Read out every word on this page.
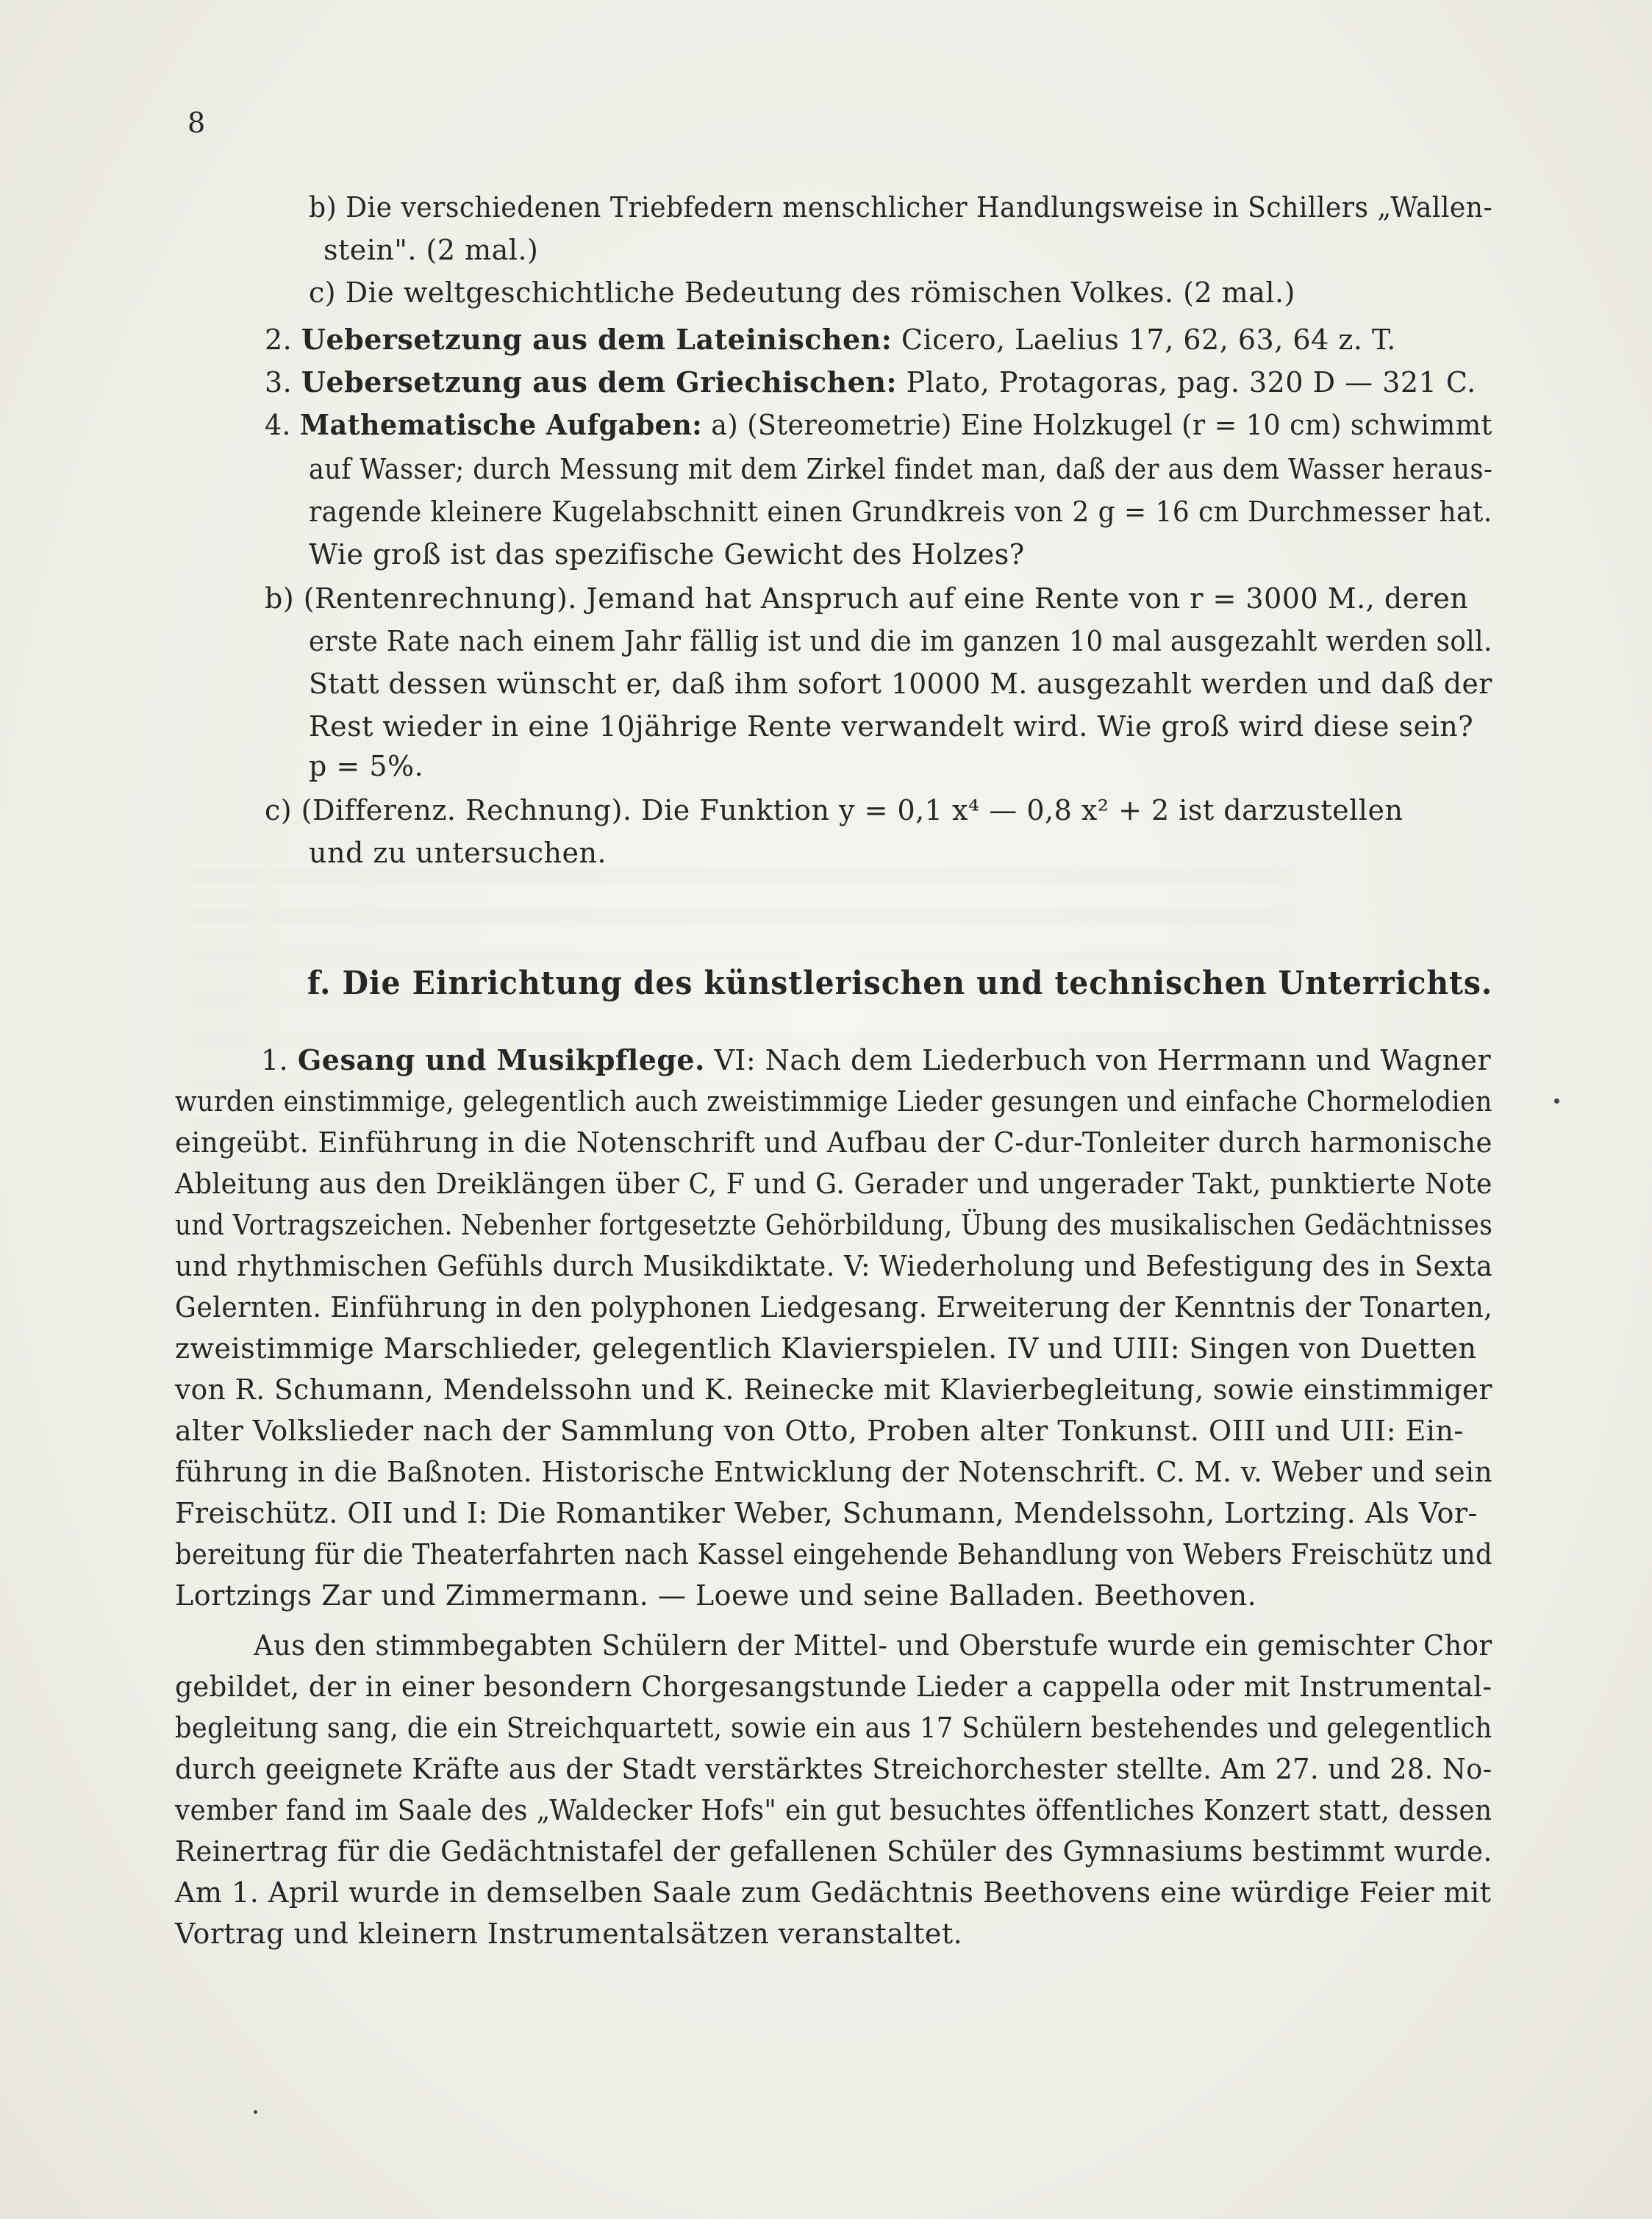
8
b) Die verschiedenen Triebfedern menschlicher Handlungsweise in Schillers „Wallen-
stein". (2 mal.)
c) Die weltgeschichtliche Bedeutung des römischen Volkes. (2 mal.)
2. Uebersetzung aus dem Lateinischen: Cicero, Laelius 17, 62, 63, 64 z. T.
3. Uebersetzung aus dem Griechischen: Plato, Protagoras, pag. 320 D — 321 C.
4. Mathematische Aufgaben: a) (Stereometrie) Eine Holzkugel (r = 10 cm) schwimmt
auf Wasser; durch Messung mit dem Zirkel findet man, daß der aus dem Wasser heraus-
ragende kleinere Kugelabschnitt einen Grundkreis von 2 g = 16 cm Durchmesser hat.
Wie groß ist das spezifische Gewicht des Holzes?
b) (Rentenrechnung). Jemand hat Anspruch auf eine Rente von r = 3000 M., deren
erste Rate nach einem Jahr fällig ist und die im ganzen 10 mal ausgezahlt werden soll.
Statt dessen wünscht er, daß ihm sofort 10000 M. ausgezahlt werden und daß der
Rest wieder in eine 10jährige Rente verwandelt wird. Wie groß wird diese sein?
p = 5%.
c) (Differenz. Rechnung). Die Funktion y = 0,1 x⁴ — 0,8 x² + 2 ist darzustellen
und zu untersuchen.
f. Die Einrichtung des künstlerischen und technischen Unterrichts.
1. Gesang und Musikpflege. VI: Nach dem Liederbuch von Herrmann und Wagner
wurden einstimmige, gelegentlich auch zweistimmige Lieder gesungen und einfache Chormelodien
eingeübt. Einführung in die Notenschrift und Aufbau der C-dur-Tonleiter durch harmonische
Ableitung aus den Dreiklängen über C, F und G. Gerader und ungerader Takt, punktierte Note
und Vortragszeichen. Nebenher fortgesetzte Gehörbildung, Übung des musikalischen Gedächtnisses
und rhythmischen Gefühls durch Musikdiktate. V: Wiederholung und Befestigung des in Sexta
Gelernten. Einführung in den polyphonen Liedgesang. Erweiterung der Kenntnis der Tonarten,
zweistimmige Marschlieder, gelegentlich Klavierspielen. IV und UIII: Singen von Duetten
von R. Schumann, Mendelssohn und K. Reinecke mit Klavierbegleitung, sowie einstimmiger
alter Volkslieder nach der Sammlung von Otto, Proben alter Tonkunst. OIII und UII: Ein-
führung in die Baßnoten. Historische Entwicklung der Notenschrift. C. M. v. Weber und sein
Freischütz. OII und I: Die Romantiker Weber, Schumann, Mendelssohn, Lortzing. Als Vor-
bereitung für die Theaterfahrten nach Kassel eingehende Behandlung von Webers Freischütz und
Lortzings Zar und Zimmermann. — Loewe und seine Balladen. Beethoven.
Aus den stimmbegabten Schülern der Mittel- und Oberstufe wurde ein gemischter Chor
gebildet, der in einer besondern Chorgesangstunde Lieder a cappella oder mit Instrumental-
begleitung sang, die ein Streichquartett, sowie ein aus 17 Schülern bestehendes und gelegentlich
durch geeignete Kräfte aus der Stadt verstärktes Streichorchester stellte. Am 27. und 28. No-
vember fand im Saale des „Waldecker Hofs" ein gut besuchtes öffentliches Konzert statt, dessen
Reinertrag für die Gedächtnistafel der gefallenen Schüler des Gymnasiums bestimmt wurde.
Am 1. April wurde in demselben Saale zum Gedächtnis Beethovens eine würdige Feier mit
Vortrag und kleinern Instrumentalsätzen veranstaltet.
